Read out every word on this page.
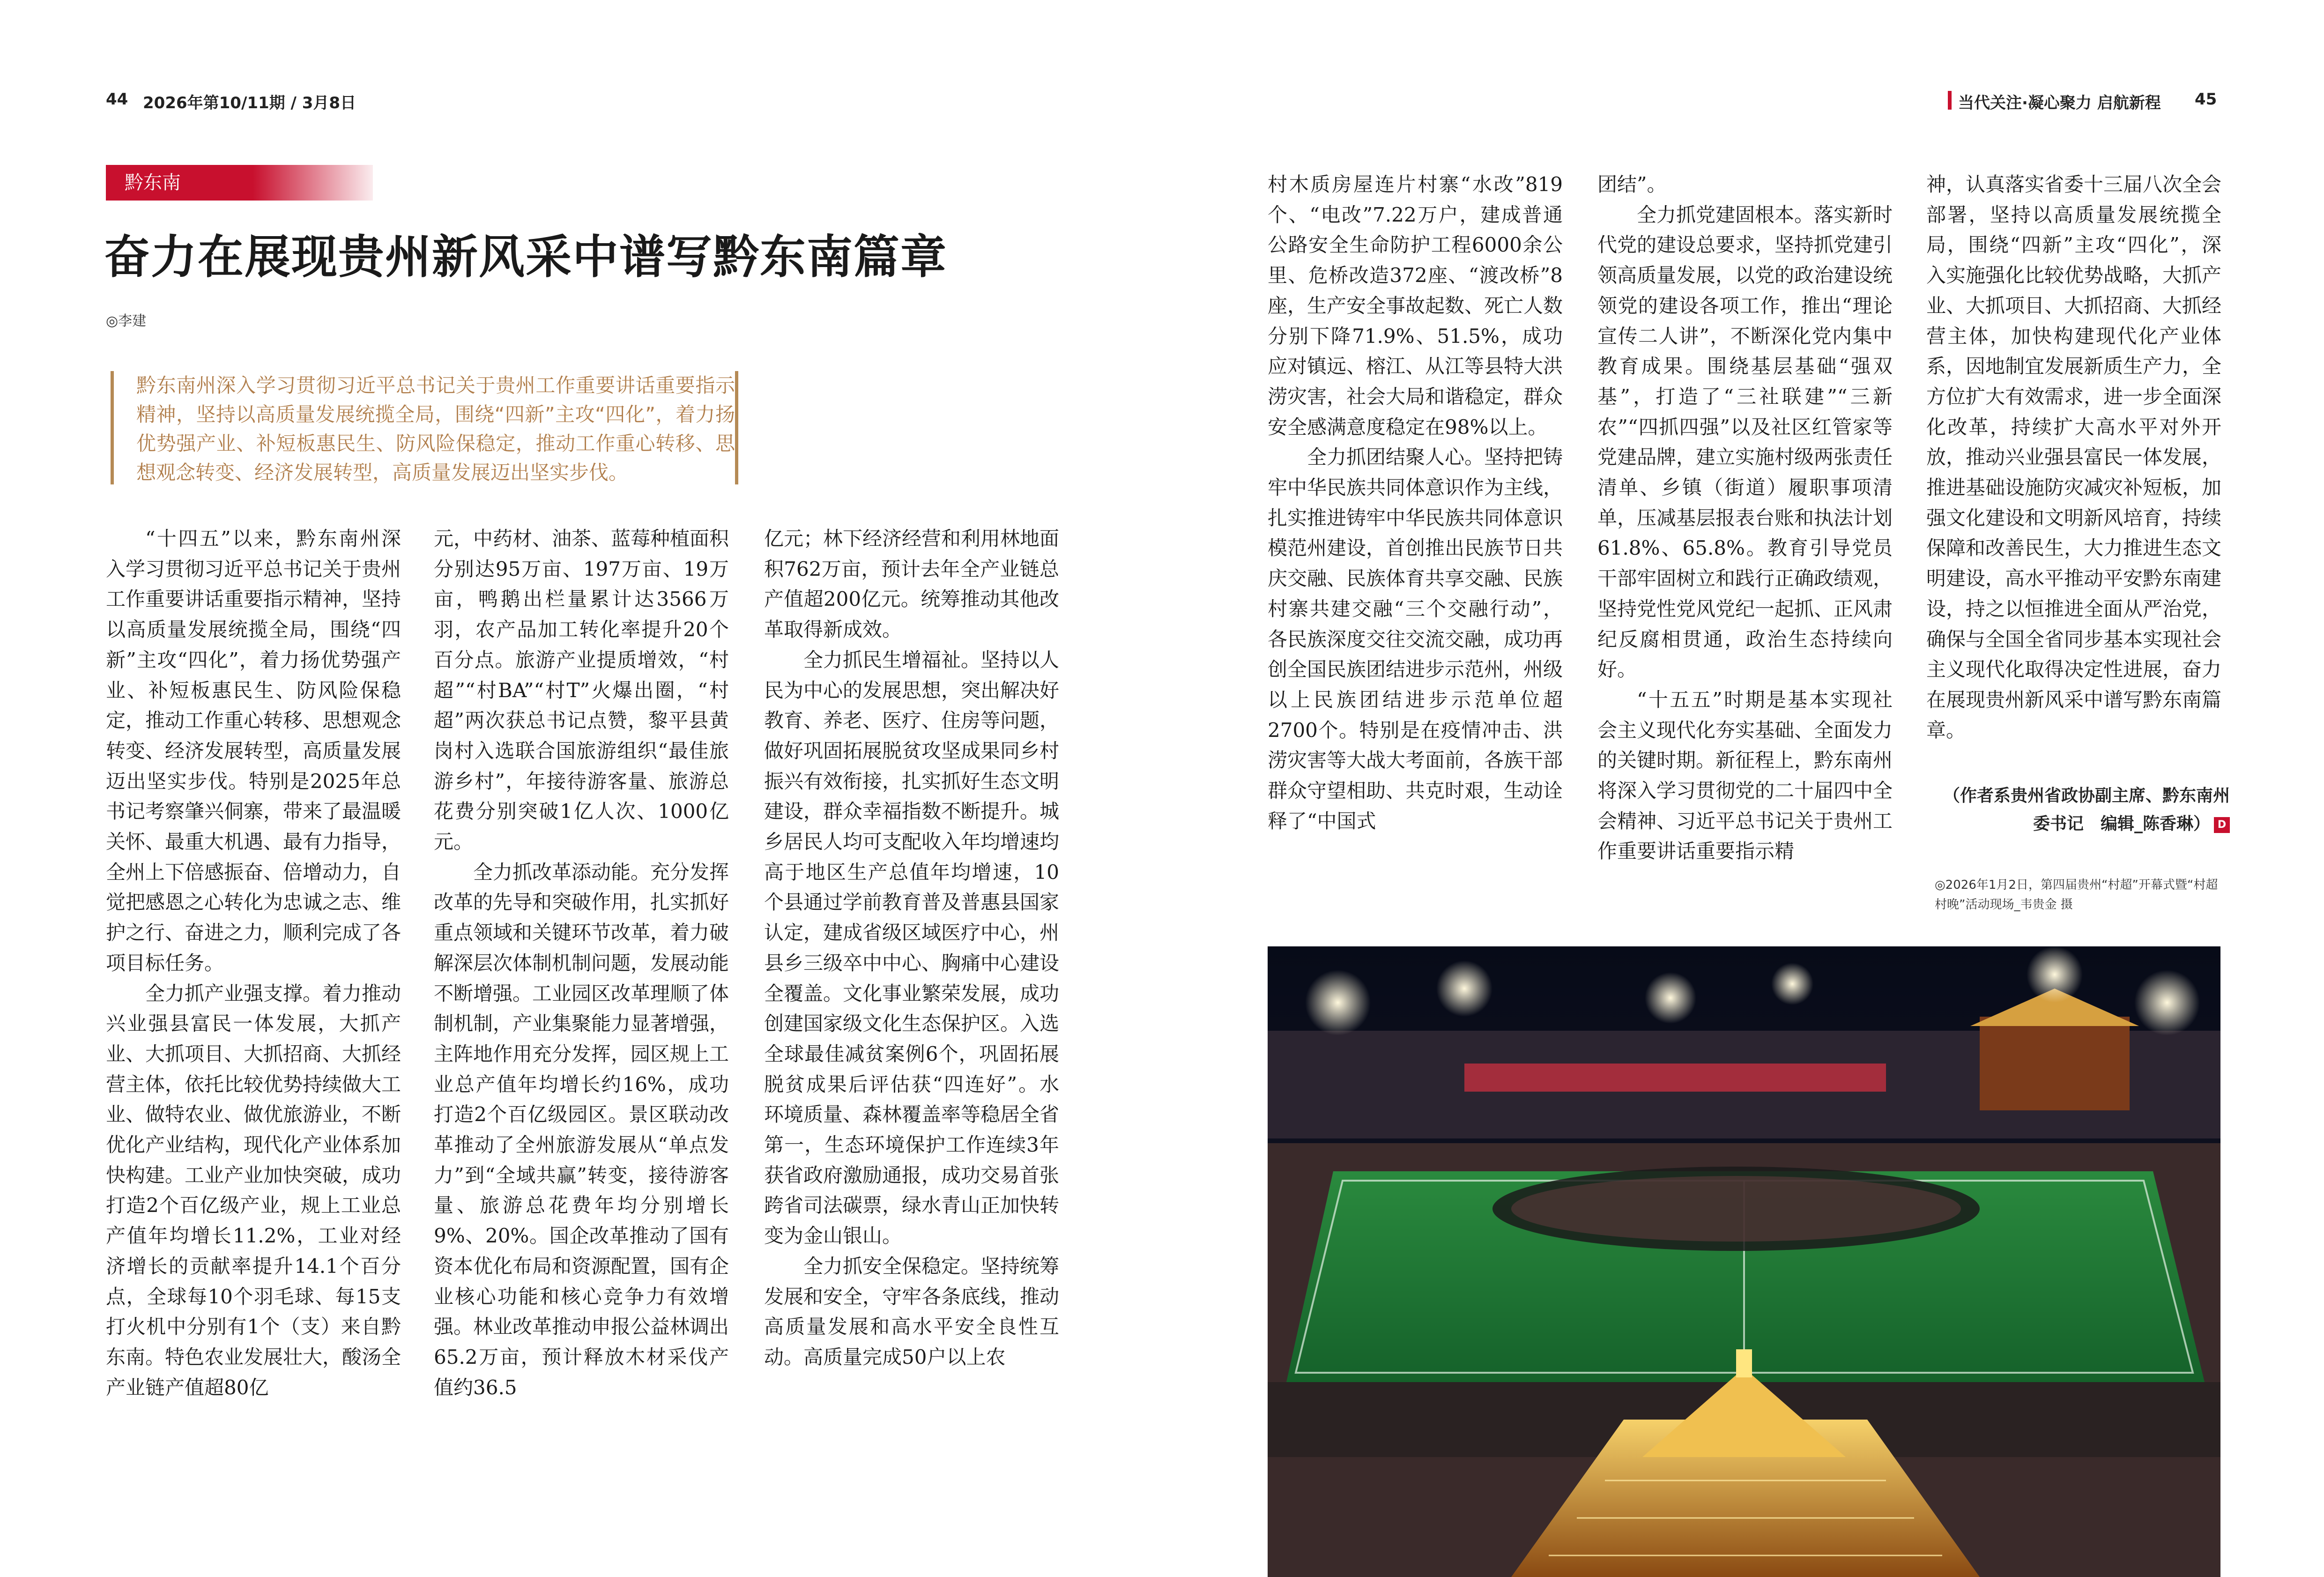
44 2026年第10/11期 / 3月8日	当代关注·凝心聚力 启航新程 45
黔东南
奋力在展现贵州新风采中谱写黔东南篇章
◎李建
黔东南州深入学习贯彻习近平总书记关于贵州工作重要讲话重要指示精神，坚持以高质量发展统揽全局，围绕“四新”主攻“四化”，着力扬优势强产业、补短板惠民生、防风险保稳定，推动工作重心转移、思想观念转变、经济发展转型，高质量发展迈出坚实步伐。

“十四五”以来，黔东南州深入学习贯彻习近平总书记关于贵州工作重要讲话重要指示精神，坚持以高质量发展统揽全局，围绕“四新”主攻“四化”，着力扬优势强产业、补短板惠民生、防风险保稳定，推动工作重心转移、思想观念转变、经济发展转型，高质量发展迈出坚实步伐。特别是2025年总书记考察肇兴侗寨，带来了最温暖关怀、最重大机遇、最有力指导，全州上下倍感振奋、倍增动力，自觉把感恩之心转化为忠诚之志、维护之行、奋进之力，顺利完成了各项目标任务。

全力抓产业强支撑。着力推动兴业强县富民一体发展，大抓产业、大抓项目、大抓招商、大抓经营主体，依托比较优势持续做大工业、做特农业、做优旅游业，不断优化产业结构，现代化产业体系加快构建。工业产业加快突破，成功打造2个百亿级产业，规上工业总产值年均增长11.2%，工业对经济增长的贡献率提升14.1个百分点，全球每10个羽毛球、每15支打火机中分别有1个（支）来自黔东南。特色农业发展壮大，酸汤全产业链产值超80亿

元，中药材、油茶、蓝莓种植面积分别达95万亩、197万亩、19万亩，鸭鹅出栏量累计达3566万羽，农产品加工转化率提升20个百分点。旅游产业提质增效，“村超”“村BA”“村T”火爆出圈，“村超”两次获总书记点赞，黎平县黄岗村入选联合国旅游组织“最佳旅游乡村”，年接待游客量、旅游总花费分别突破1亿人次、1000亿元。

全力抓改革添动能。充分发挥改革的先导和突破作用，扎实抓好重点领域和关键环节改革，着力破解深层次体制机制问题，发展动能不断增强。工业园区改革理顺了体制机制，产业集聚能力显著增强，主阵地作用充分发挥，园区规上工业总产值年均增长约16%，成功打造2个百亿级园区。景区联动改革推动了全州旅游发展从“单点发力”到“全域共赢”转变，接待游客量、旅游总花费年均分别增长9%、20%。国企改革推动了国有资本优化布局和资源配置，国有企业核心功能和核心竞争力有效增强。林业改革推动申报公益林调出65.2万亩，预计释放木材采伐产值约36.5

亿元；林下经济经营和利用林地面积762万亩，预计去年全产业链总产值超200亿元。统筹推动其他改革取得新成效。

全力抓民生增福祉。坚持以人民为中心的发展思想，突出解决好教育、养老、医疗、住房等问题，做好巩固拓展脱贫攻坚成果同乡村振兴有效衔接，扎实抓好生态文明建设，群众幸福指数不断提升。城乡居民人均可支配收入年均增速均高于地区生产总值年均增速，10个县通过学前教育普及普惠县国家认定，建成省级区域医疗中心，州县乡三级卒中中心、胸痛中心建设全覆盖。文化事业繁荣发展，成功创建国家级文化生态保护区。入选全球最佳减贫案例6个，巩固拓展脱贫成果后评估获“四连好”。水环境质量、森林覆盖率等稳居全省第一，生态环境保护工作连续3年获省政府激励通报，成功交易首张跨省司法碳票，绿水青山正加快转变为金山银山。

全力抓安全保稳定。坚持统筹发展和安全，守牢各条底线，推动高质量发展和高水平安全良性互动。高质量完成50户以上农

村木质房屋连片村寨“水改”819个、“电改”7.22万户，建成普通公路安全生命防护工程6000余公里、危桥改造372座、“渡改桥”8座，生产安全事故起数、死亡人数分别下降71.9%、51.5%，成功应对镇远、榕江、从江等县特大洪涝灾害，社会大局和谐稳定，群众安全感满意度稳定在98%以上。

全力抓团结聚人心。坚持把铸牢中华民族共同体意识作为主线，扎实推进铸牢中华民族共同体意识模范州建设，首创推出民族节日共庆交融、民族体育共享交融、民族村寨共建交融“三个交融行动”，各民族深度交往交流交融，成功再创全国民族团结进步示范州，州级以上民族团结进步示范单位超2700个。特别是在疫情冲击、洪涝灾害等大战大考面前，各族干部群众守望相助、共克时艰，生动诠释了“中国式

团结”。

全力抓党建固根本。落实新时代党的建设总要求，坚持抓党建引领高质量发展，以党的政治建设统领党的建设各项工作，推出“理论宣传二人讲”，不断深化党内集中教育成果。围绕基层基础“强双基”，打造了“三社联建”“三新农”“四抓四强”以及社区红管家等党建品牌，建立实施村级两张责任清单、乡镇（街道）履职事项清单，压减基层报表台账和执法计划61.8%、65.8%。教育引导党员干部牢固树立和践行正确政绩观，坚持党性党风党纪一起抓、正风肃纪反腐相贯通，政治生态持续向好。

“十五五”时期是基本实现社会主义现代化夯实基础、全面发力的关键时期。新征程上，黔东南州将深入学习贯彻党的二十届四中全会精神、习近平总书记关于贵州工作重要讲话重要指示精

神，认真落实省委十三届八次全会部署，坚持以高质量发展统揽全局，围绕“四新”主攻“四化”，深入实施强化比较优势战略，大抓产业、大抓项目、大抓招商、大抓经营主体，加快构建现代化产业体系，因地制宜发展新质生产力，全方位扩大有效需求，进一步全面深化改革，持续扩大高水平对外开放，推动兴业强县富民一体发展，推进基础设施防灾减灾补短板，加强文化建设和文明新风培育，持续保障和改善民生，大力推进生态文明建设，高水平推动平安黔东南建设，持之以恒推进全面从严治党，确保与全国全省同步基本实现社会主义现代化取得决定性进展，奋力在展现贵州新风采中谱写黔东南篇章。

（作者系贵州省政协副主席、黔东南州委书记　编辑_陈香琳） D
◎2026年1月2日，第四届贵州“村超”开幕式暨“村超村晚”活动现场_韦贵金 摄
